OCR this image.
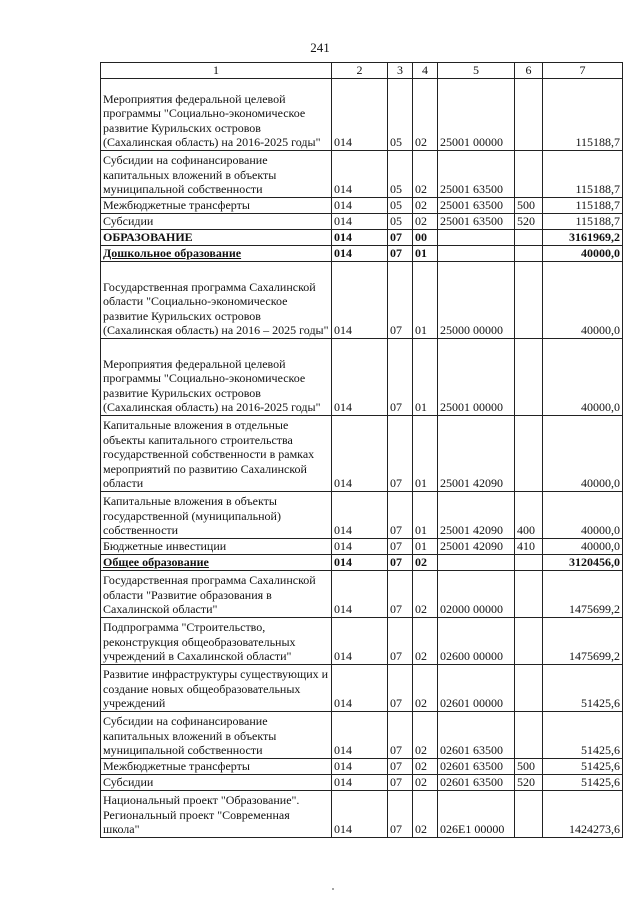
241
1	2	3	4	5	6	7
Мероприятия федеральной целевой программы "Социально-экономическое развитие Курильских островов (Сахалинская область) на 2016-2025 годы"	014	05	02	25001 00000		115188,7
Субсидии на софинансирование капитальных вложений в объекты муниципальной собственности	014	05	02	25001 63500		115188,7
Межбюджетные трансферты	014	05	02	25001 63500	500	115188,7
Субсидии	014	05	02	25001 63500	520	115188,7
ОБРАЗОВАНИЕ	014	07	00			3161969,2
Дошкольное образование	014	07	01			40000,0
Государственная программа Сахалинской области "Социально-экономическое развитие Курильских островов (Сахалинская область) на 2016 – 2025 годы"	014	07	01	25000 00000		40000,0
Мероприятия федеральной целевой программы "Социально-экономическое развитие Курильских островов (Сахалинская область) на 2016-2025 годы"	014	07	01	25001 00000		40000,0
Капитальные вложения в отдельные объекты капитального строительства государственной собственности в рамках мероприятий по развитию Сахалинской области	014	07	01	25001 42090		40000,0
Капитальные вложения в объекты государственной (муниципальной) собственности	014	07	01	25001 42090	400	40000,0
Бюджетные инвестиции	014	07	01	25001 42090	410	40000,0
Общее образование	014	07	02			3120456,0
Государственная программа Сахалинской области "Развитие образования в Сахалинской области"	014	07	02	02000 00000		1475699,2
Подпрограмма "Строительство, реконструкция общеобразовательных учреждений в Сахалинской области"	014	07	02	02600 00000		1475699,2
Развитие инфраструктуры существующих и создание новых общеобразовательных учреждений	014	07	02	02601 00000		51425,6
Субсидии на софинансирование капитальных вложений в объекты муниципальной собственности	014	07	02	02601 63500		51425,6
Межбюджетные трансферты	014	07	02	02601 63500	500	51425,6
Субсидии	014	07	02	02601 63500	520	51425,6
Национальный проект "Образование". Региональный проект "Современная школа"	014	07	02	026E1 00000		1424273,6
